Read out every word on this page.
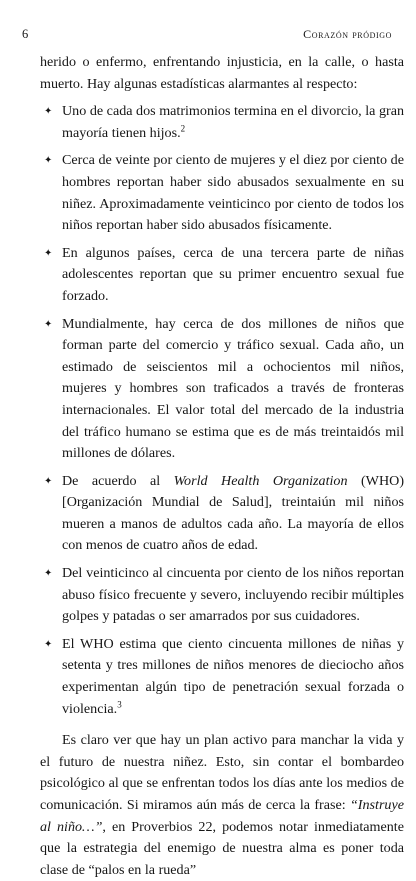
6	Corazón pródigo

herido o enfermo, enfrentando injusticia, en la calle, o hasta muerto. Hay algunas estadísticas alarmantes al respecto:

✦ Uno de cada dos matrimonios termina en el divorcio, la gran mayoría tienen hijos.$^2$
✦ Cerca de veinte por ciento de mujeres y el diez por ciento de hombres reportan haber sido abusados sexualmente en su niñez. Aproximadamente veinticinco por ciento de todos los niños reportan haber sido abusados físicamente.
✦ En algunos países, cerca de una tercera parte de niñas adolescentes reportan que su primer encuentro sexual fue forzado.
✦ Mundialmente, hay cerca de dos millones de niños que forman parte del comercio y tráfico sexual. Cada año, un estimado de seiscientos mil a ochocientos mil niños, mujeres y hombres son traficados a través de fronteras internacionales. El valor total del mercado de la industria del tráfico humano se estima que es de más treintaidós mil millones de dólares.
✦ De acuerdo al World Health Organization (WHO) [Organización Mundial de Salud], treintaiún mil niños mueren a manos de adultos cada año. La mayoría de ellos con menos de cuatro años de edad.
✦ Del veinticinco al cincuenta por ciento de los niños reportan abuso físico frecuente y severo, incluyendo recibir múltiples golpes y patadas o ser amarrados por sus cuidadores.
✦ El WHO estima que ciento cincuenta millones de niñas y setenta y tres millones de niños menores de dieciocho años experimentan algún tipo de penetración sexual forzada o violencia.$^3$

Es claro ver que hay un plan activo para manchar la vida y el futuro de nuestra niñez. Esto, sin contar el bombardeo psicológico al que se enfrentan todos los días ante los medios de comunicación. Si miramos aún más de cerca la frase: “Instruye al niño…”, en Proverbios 22, podemos notar inmediatamente que la estrategia del enemigo de nuestra alma es poner toda clase de “palos en la rueda”
